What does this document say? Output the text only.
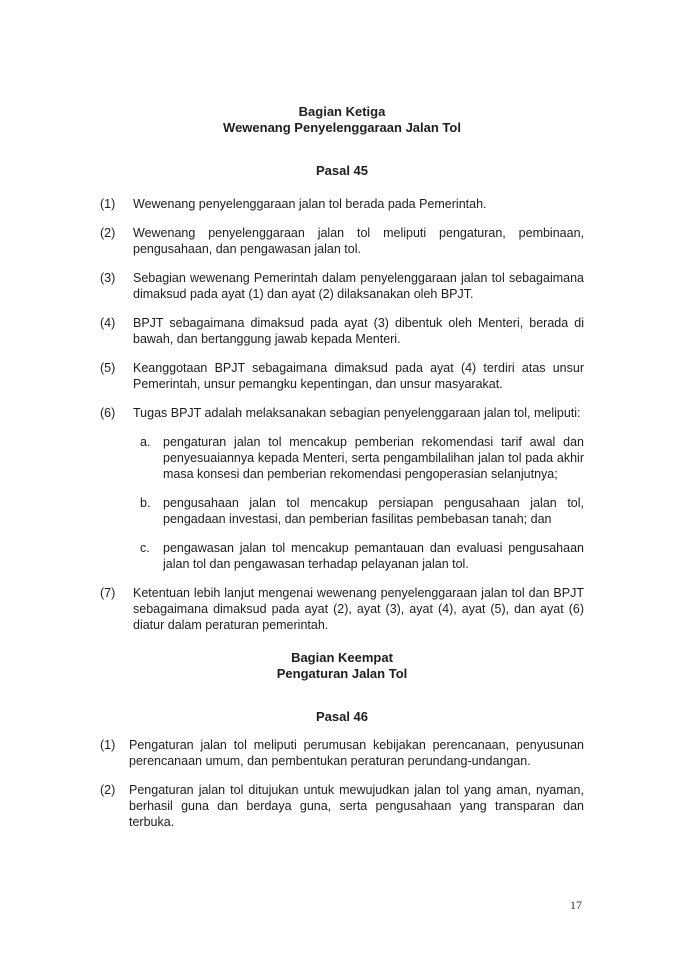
Bagian Ketiga
Wewenang Penyelenggaraan Jalan Tol
Pasal 45
(1)	Wewenang penyelenggaraan jalan tol berada pada Pemerintah.
(2)	Wewenang penyelenggaraan jalan tol meliputi pengaturan, pembinaan, pengusahaan, dan pengawasan jalan tol.
(3)	Sebagian wewenang Pemerintah dalam penyelenggaraan jalan tol sebagaimana dimaksud pada ayat (1) dan ayat (2) dilaksanakan oleh BPJT.
(4)	BPJT sebagaimana dimaksud pada ayat (3) dibentuk oleh Menteri, berada di bawah, dan bertanggung jawab kepada Menteri.
(5)	Keanggotaan BPJT sebagaimana dimaksud pada ayat (4) terdiri atas unsur Pemerintah, unsur pemangku kepentingan, dan unsur masyarakat.
(6)	Tugas BPJT adalah melaksanakan sebagian penyelenggaraan jalan tol, meliputi:
a.	pengaturan jalan tol mencakup pemberian rekomendasi tarif awal dan penyesuaiannya kepada Menteri, serta pengambilalihan jalan tol pada akhir masa konsesi dan pemberian rekomendasi pengoperasian selanjutnya;
b.	pengusahaan jalan tol mencakup persiapan pengusahaan jalan tol, pengadaan investasi, dan pemberian fasilitas pembebasan tanah; dan
c.	pengawasan jalan tol mencakup pemantauan dan evaluasi pengusahaan jalan tol dan pengawasan terhadap pelayanan jalan tol.
(7)	Ketentuan lebih lanjut mengenai wewenang penyelenggaraan jalan tol dan BPJT sebagaimana dimaksud pada ayat (2), ayat (3), ayat (4), ayat (5), dan ayat (6) diatur dalam peraturan pemerintah.
Bagian Keempat
Pengaturan Jalan Tol
Pasal 46
(1)	Pengaturan jalan tol meliputi perumusan kebijakan perencanaan, penyusunan perencanaan umum, dan pembentukan peraturan perundang-undangan.
(2)	Pengaturan jalan tol ditujukan untuk mewujudkan jalan tol yang aman, nyaman, berhasil guna dan berdaya guna, serta pengusahaan yang transparan dan terbuka.
17
